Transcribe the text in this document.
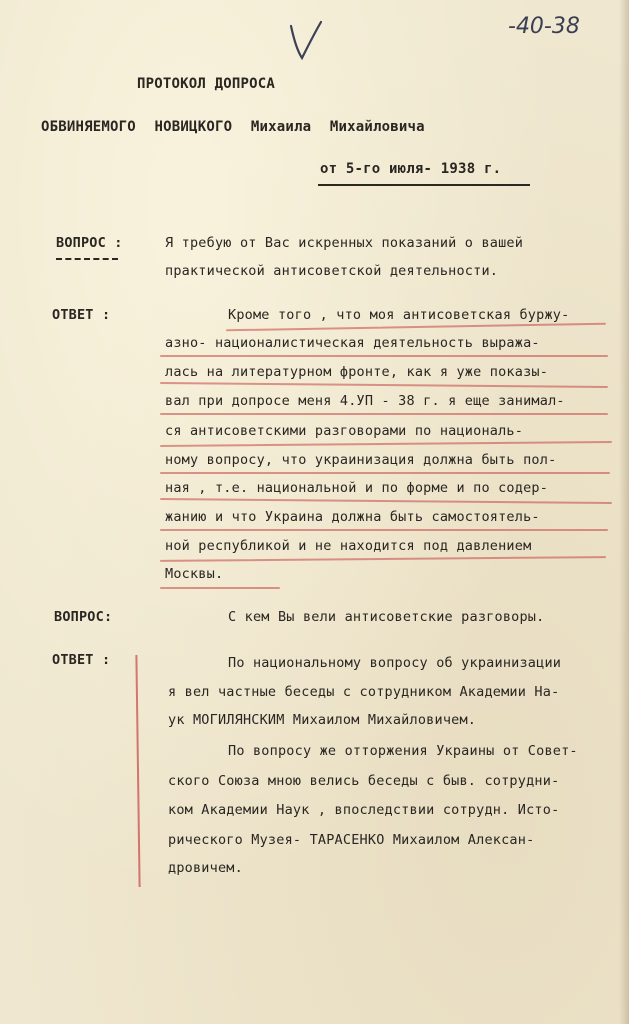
-40-38
ПРОТОКОЛ ДОПРОСА
ОБВИНЯЕМОГО НОВИЦКОГО Михаила Михайловича
от 5-го июля- 1938 г.
ВОПРОС :	Я требую от Вас искренных показаний о вашей
практической антисоветской деятельности.
ОТВЕТ :	Кроме того , что моя антисоветская буржу-
азно- националистическая деятельность выража-
лась на литературном фронте, как я уже показы-
вал при допросе меня 4.УП - 38 г. я еще занимал-
ся антисоветскими разговорами по националь-
ному вопросу, что украинизация должна быть пол-
ная , т.е. национальной и по форме и по содер-
жанию и что Украина должна быть самостоятель-
ной республикой и не находится под давлением
Москвы.
ВОПРОС:	С кем Вы вели антисоветские разговоры.
ОТВЕТ :	По национальному вопросу об украинизации
я вел частные беседы с сотрудником Академии На-
ук МОГИЛЯНСКИМ Михаилом Михайловичем.
По вопросу же отторжения Украины от Совет-
ского Союза мною велись беседы с быв. сотрудни-
ком Академии Наук , впоследствии сотрудн. Исто-
рического Музея- ТАРАСЕНКО Михаилом Алексан-
дровичем.
